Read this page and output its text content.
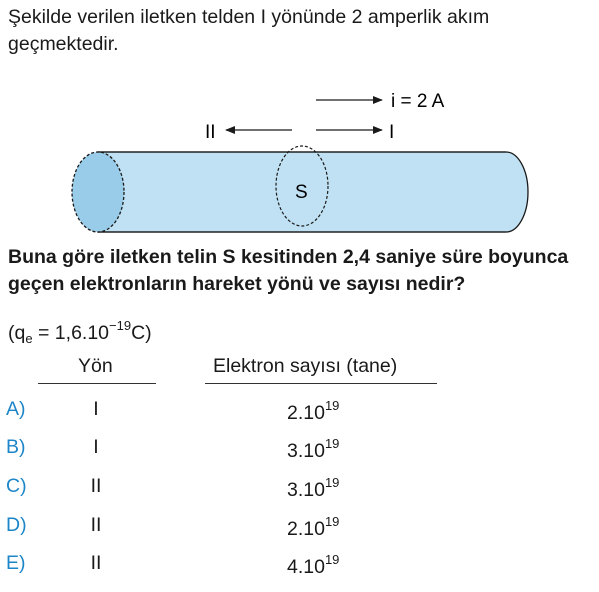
Şekilde verilen iletken telden I yönünde 2 amperlik akım geçmektedir.
i = 2 A
II	I
S
Buna göre iletken telin S kesitinden 2,4 saniye süre boyunca geçen elektronların hareket yönü ve sayısı nedir?
$(q_e = 1,6.10^{-19}C)$
Yön	Elektron sayısı (tane)
A)	I	2.10$^{19}$
B)	I	3.10$^{19}$
C)	II	3.10$^{19}$
D)	II	2.10$^{19}$
E)	II	4.10$^{19}$
